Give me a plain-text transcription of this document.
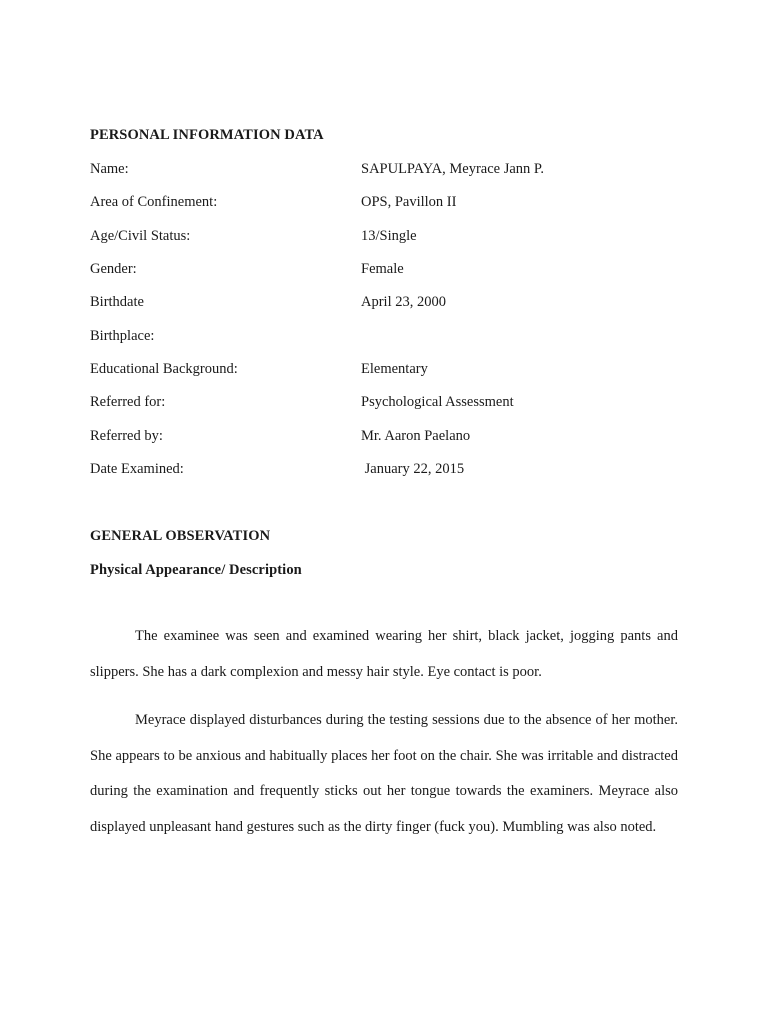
PERSONAL INFORMATION DATA
Name:	SAPULPAYA, Meyrace Jann P.
Area of Confinement:	OPS, Pavillon II
Age/Civil Status:	13/Single
Gender:	Female
Birthdate	April 23, 2000
Birthplace:
Educational Background:	Elementary
Referred for:	Psychological Assessment
Referred by:	Mr. Aaron Paelano
Date Examined:	January 22, 2015
GENERAL OBSERVATION
Physical Appearance/ Description

The examinee was seen and examined wearing her shirt, black jacket, jogging pants and slippers. She has a dark complexion and messy hair style. Eye contact is poor.

Meyrace displayed disturbances during the testing sessions due to the absence of her mother. She appears to be anxious and habitually places her foot on the chair. She was irritable and distracted during the examination and frequently sticks out her tongue towards the examiners. Meyrace also displayed unpleasant hand gestures such as the dirty finger (fuck you). Mumbling was also noted.
